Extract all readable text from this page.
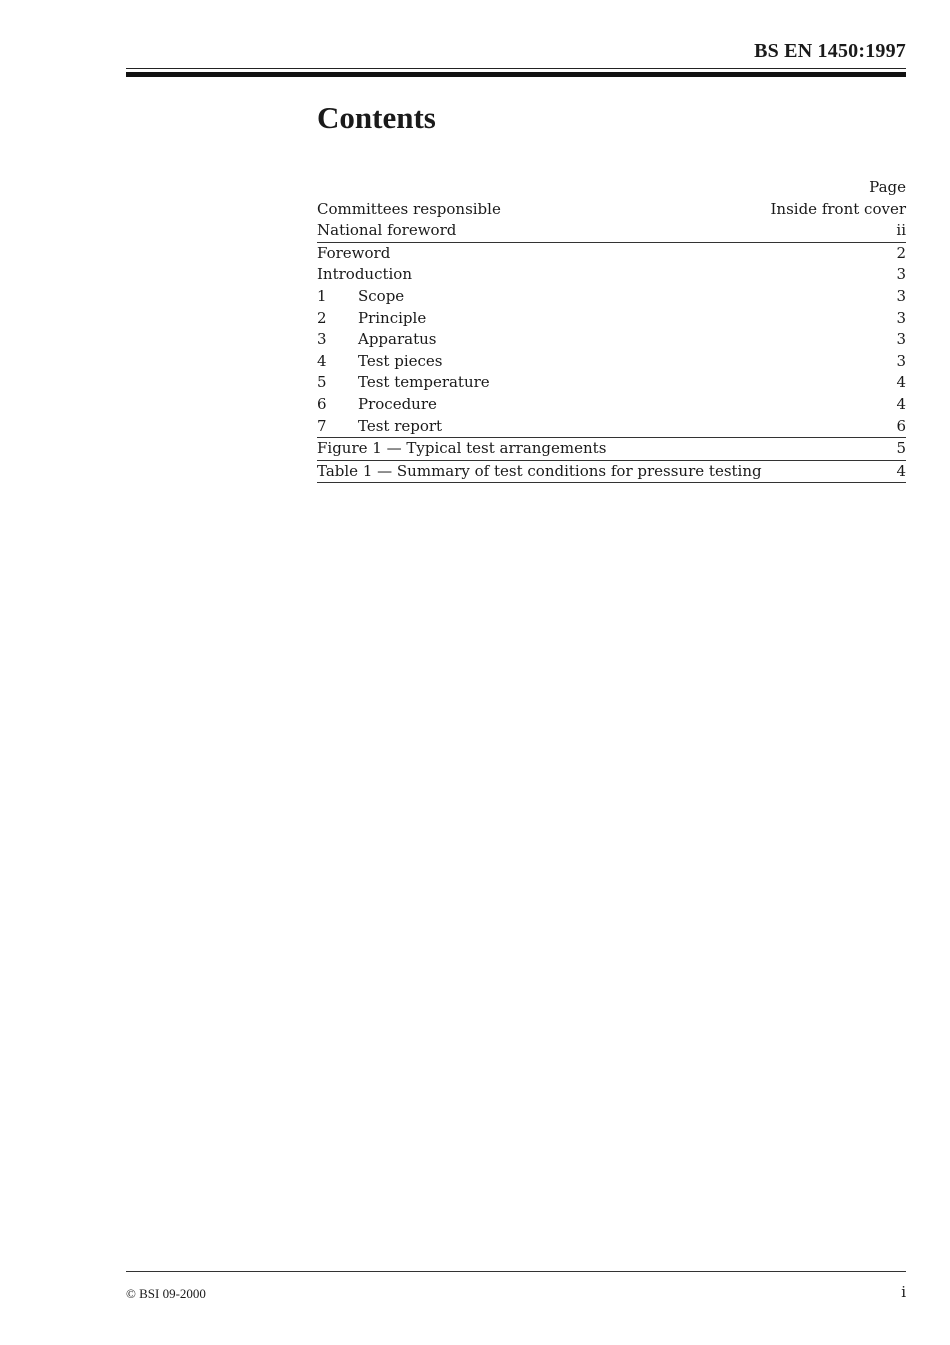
BS EN 1450:1997
Contents
Page
Committees responsible	Inside front cover
National foreword	ii
Foreword	2
Introduction	3
1	Scope	3
2	Principle	3
3	Apparatus	3
4	Test pieces	3
5	Test temperature	4
6	Procedure	4
7	Test report	6
Figure 1 — Typical test arrangements	5
Table 1 — Summary of test conditions for pressure testing	4
© BSI 09-2000	i
